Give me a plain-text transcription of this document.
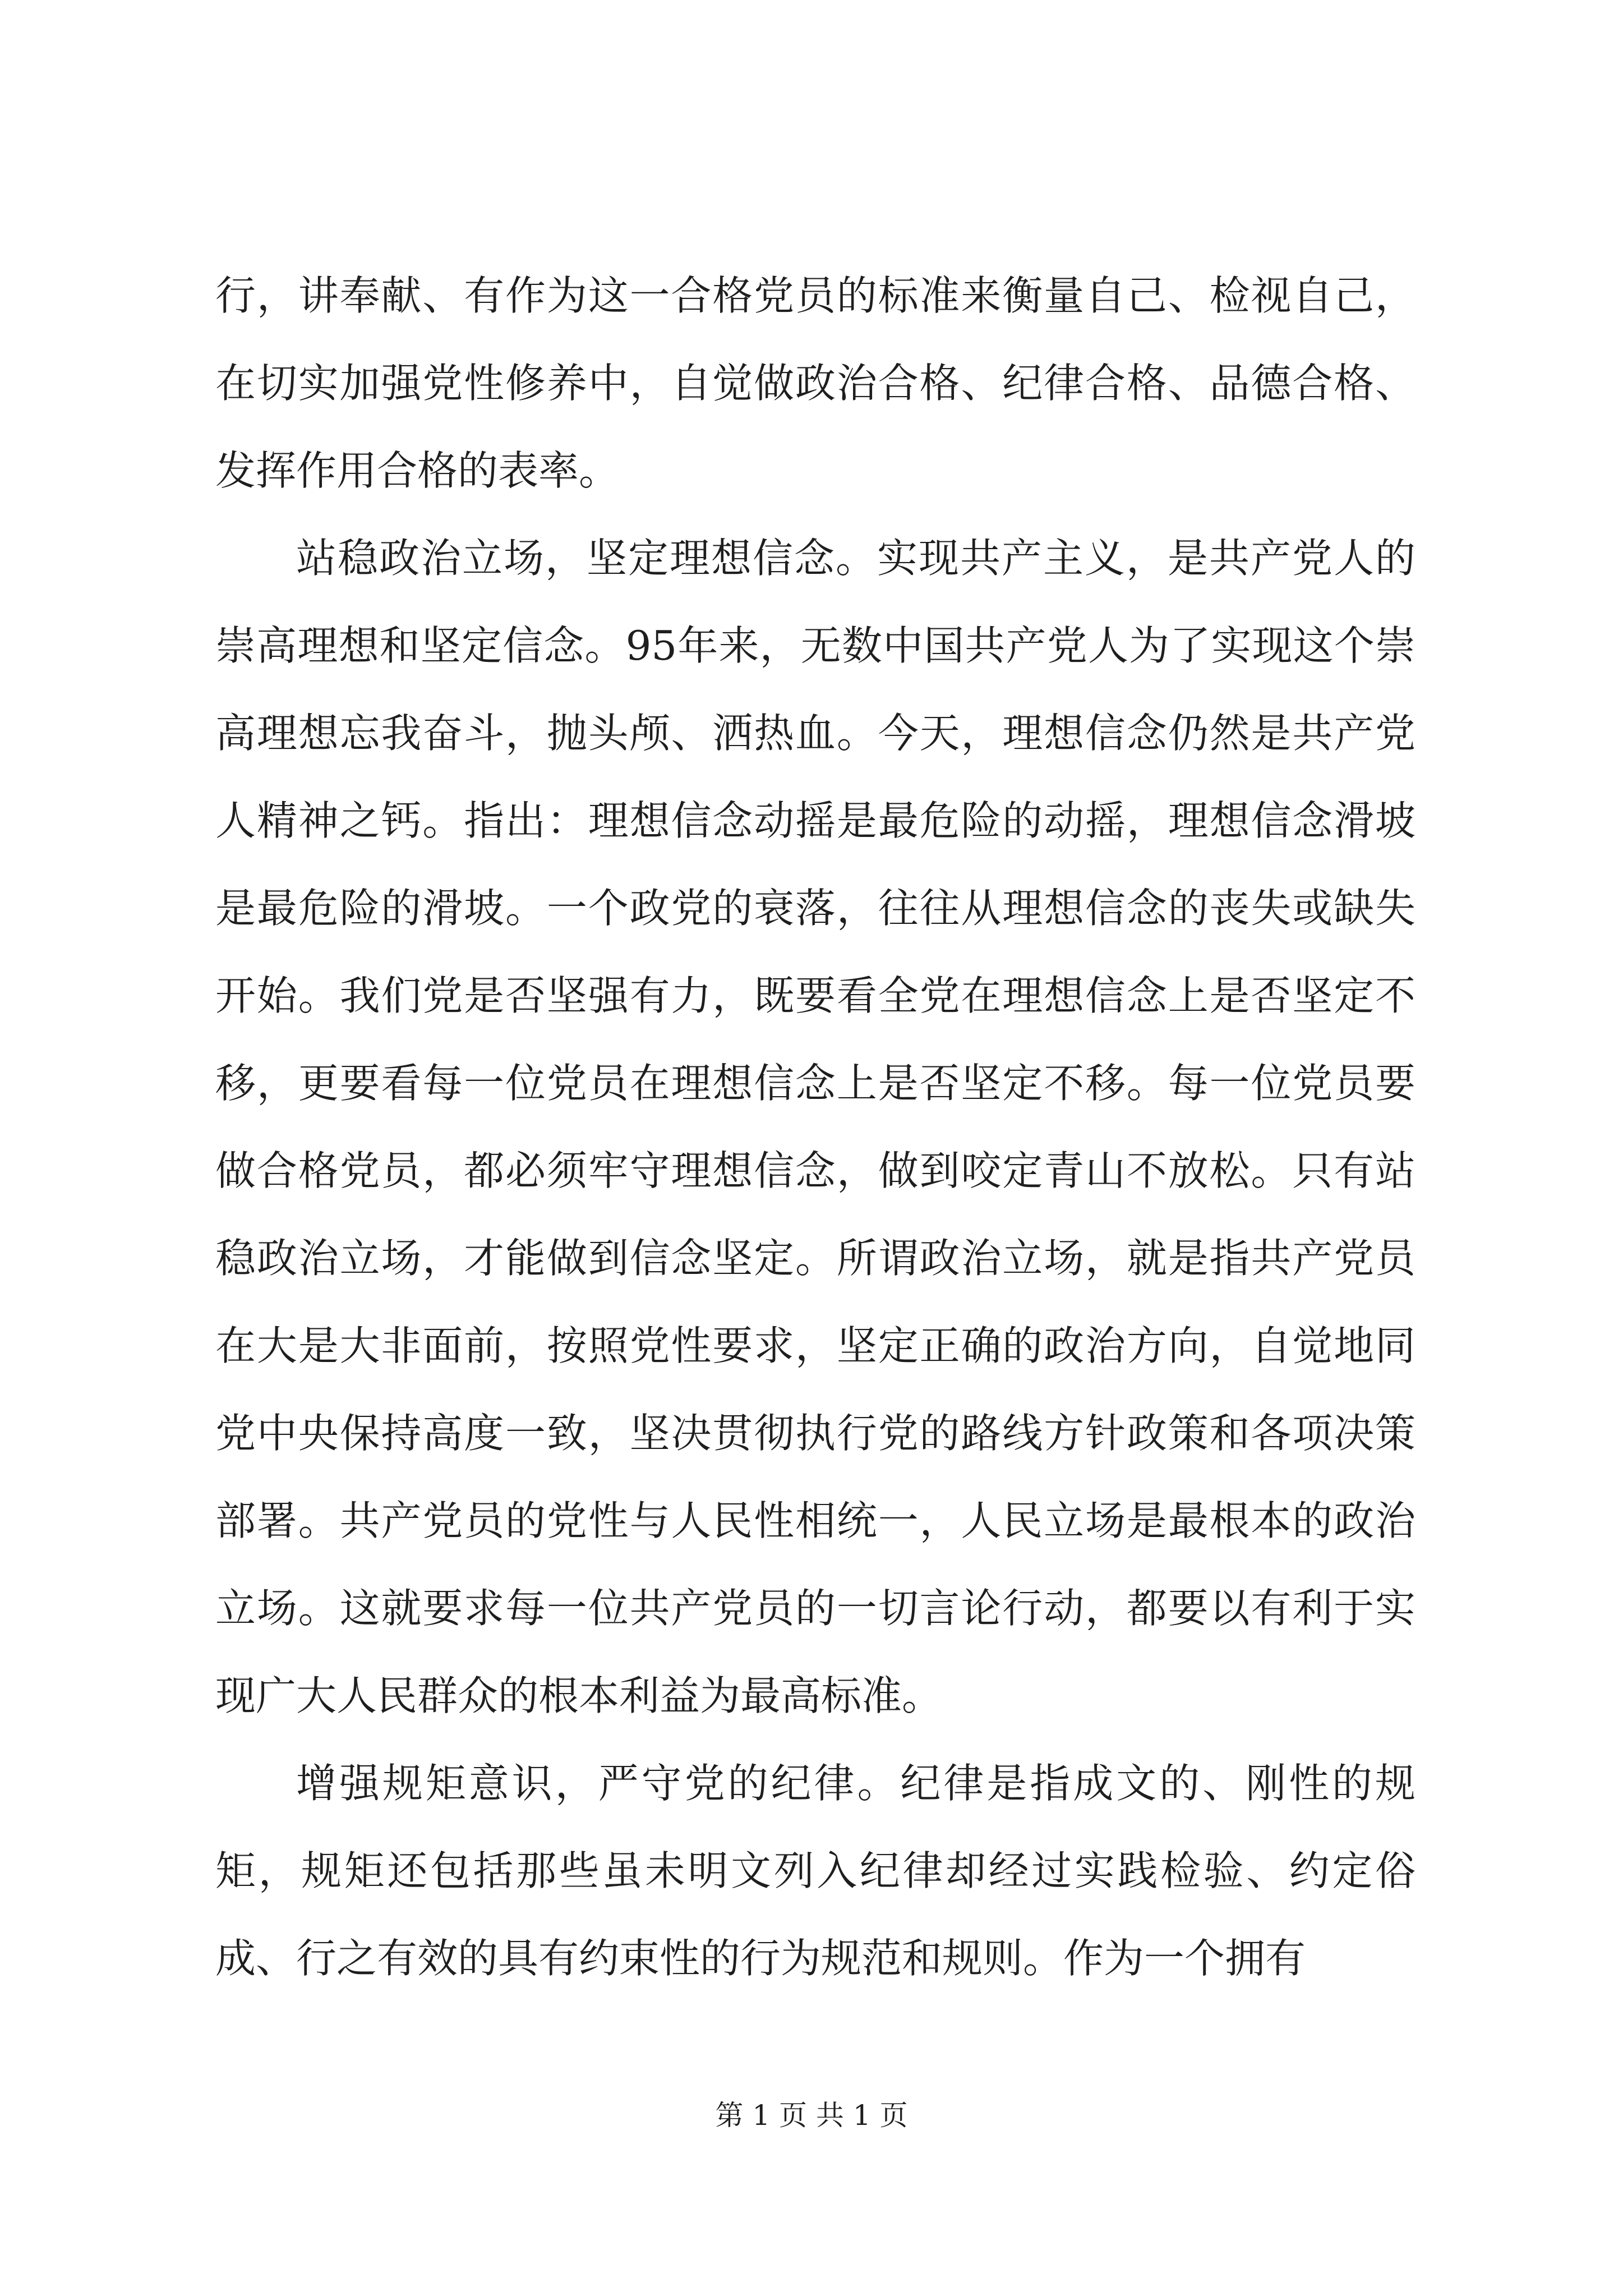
行，讲奉献、有作为这一合格党员的标准来衡量自己、检视自己，在切实加强党性修养中，自觉做政治合格、纪律合格、品德合格、发挥作用合格的表率。

站稳政治立场，坚定理想信念。实现共产主义，是共产党人的崇高理想和坚定信念。95年来，无数中国共产党人为了实现这个崇高理想忘我奋斗，抛头颅、洒热血。今天，理想信念仍然是共产党人精神之钙。指出：理想信念动摇是最危险的动摇，理想信念滑坡是最危险的滑坡。一个政党的衰落，往往从理想信念的丧失或缺失开始。我们党是否坚强有力，既要看全党在理想信念上是否坚定不移，更要看每一位党员在理想信念上是否坚定不移。每一位党员要做合格党员，都必须牢守理想信念，做到咬定青山不放松。只有站稳政治立场，才能做到信念坚定。所谓政治立场，就是指共产党员在大是大非面前，按照党性要求，坚定正确的政治方向，自觉地同党中央保持高度一致，坚决贯彻执行党的路线方针政策和各项决策部署。共产党员的党性与人民性相统一，人民立场是最根本的政治立场。这就要求每一位共产党员的一切言论行动，都要以有利于实现广大人民群众的根本利益为最高标准。

增强规矩意识，严守党的纪律。纪律是指成文的、刚性的规矩，规矩还包括那些虽未明文列入纪律却经过实践检验、约定俗成、行之有效的具有约束性的行为规范和规则。作为一个拥有

第 1 页 共 1 页
